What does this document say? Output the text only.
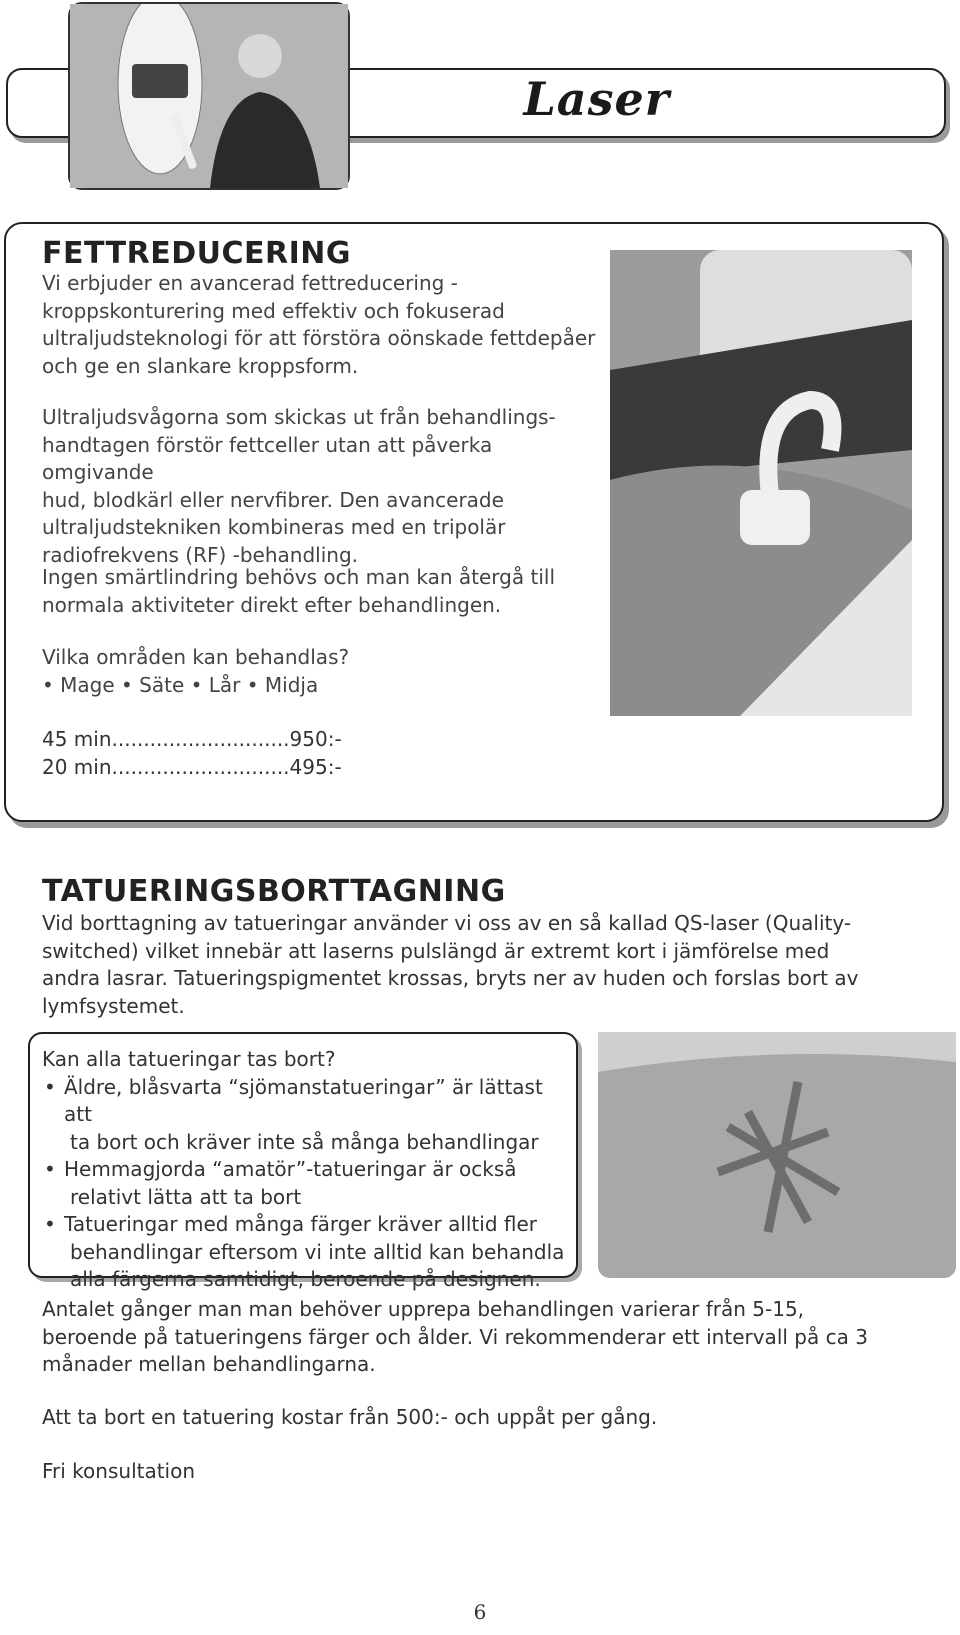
Laser
FETTREDUCERING
Vi erbjuder en avancerad fettreducering -
kroppskonturering med effektiv och fokuserad
ultraljudsteknologi för att förstöra oönskade fettdepåer
och ge en slankare kroppsform.
Ultraljudsvågorna som skickas ut från behandlings-
handtagen förstör fettceller utan att påverka omgivande
hud, blodkärl eller nervfibrer. Den avancerade
ultraljudstekniken kombineras med en tripolär
radiofrekvens (RF) -behandling.
Ingen smärtlindring behövs och man kan återgå till
normala aktiviteter direkt efter behandlingen.
Vilka områden kan behandlas?
• Mage • Säte • Lår • Midja
45 min............................950:-
20 min............................495:-
TATUERINGSBORTTAGNING
Vid borttagning av tatueringar använder vi oss av en så kallad QS-laser (Quality-
switched) vilket innebär att laserns pulslängd är extremt kort i jämförelse med
andra lasrar. Tatueringspigmentet krossas, bryts ner av huden och forslas bort av
lymfsystemet.
Kan alla tatueringar tas bort?
• Äldre, blåsvarta “sjömanstatueringar” är lättast att
ta bort och kräver inte så många behandlingar
• Hemmagjorda “amatör”-tatueringar är också
relativt lätta att ta bort
• Tatueringar med många färger kräver alltid fler
behandlingar eftersom vi inte alltid kan behandla
alla färgerna samtidigt, beroende på designen.
Antalet gånger man man behöver upprepa behandlingen varierar från 5-15,
beroende på tatueringens färger och ålder. Vi rekommenderar ett intervall på ca 3
månader mellan behandlingarna.
Att ta bort en tatuering kostar från 500:- och uppåt per gång.
Fri konsultation
6
